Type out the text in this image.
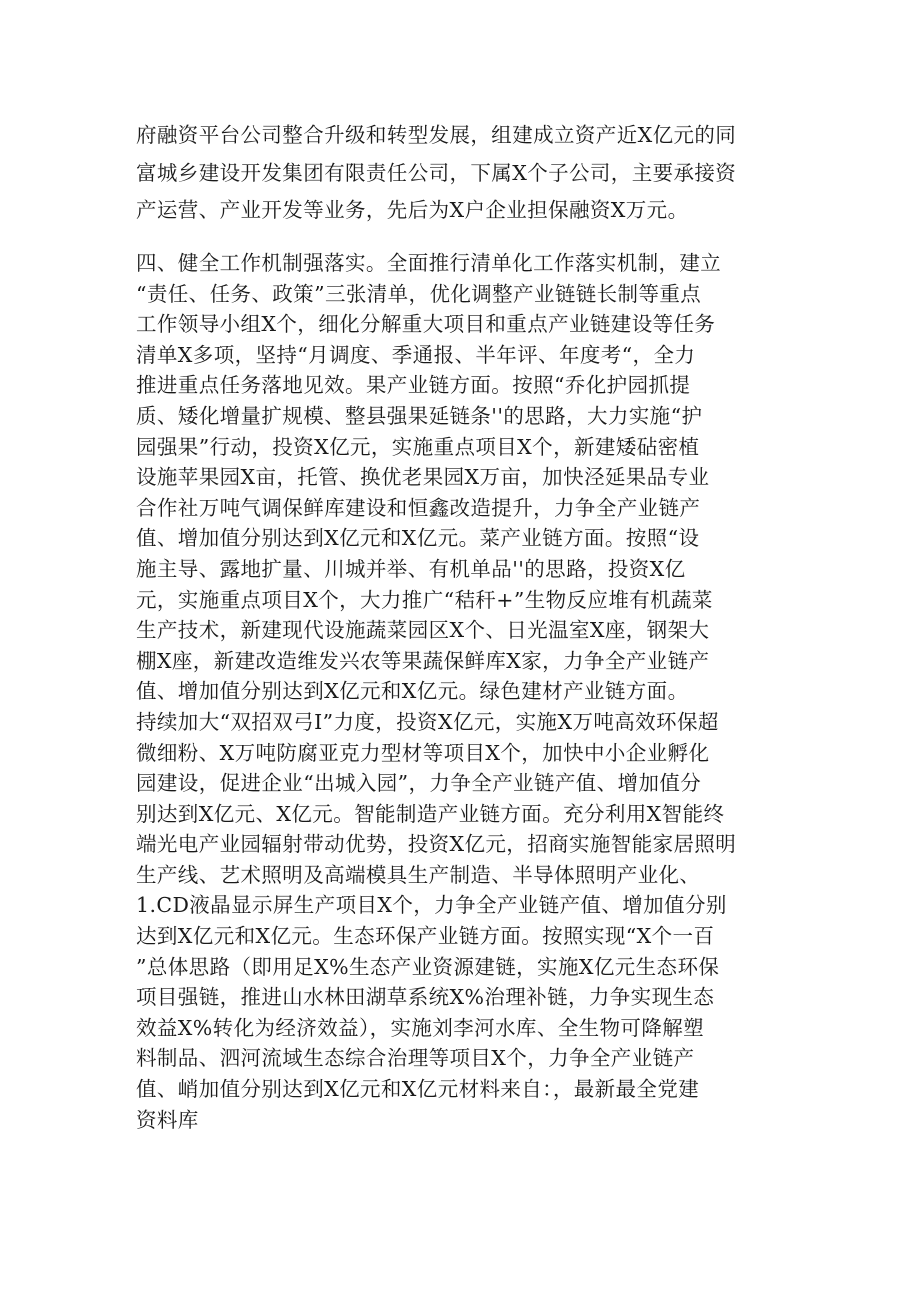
府融资平台公司整合升级和转型发展，组建成立资产近X亿元的同
富城乡建设开发集团有限责任公司，下属X个子公司，主要承接资
产运营、产业开发等业务，先后为X户企业担保融资X万元。
四、健全工作机制强落实。全面推行清单化工作落实机制，建立
“责任、任务、政策”三张清单，优化调整产业链链长制等重点
工作领导小组X个，细化分解重大项目和重点产业链建设等任务
清单X多项，坚持“月调度、季通报、半年评、年度考“，全力
推进重点任务落地见效。果产业链方面。按照“乔化护园抓提
质、矮化增量扩规模、整县强果延链条''的思路，大力实施“护
园强果”行动，投资X亿元，实施重点项目X个，新建矮砧密植
设施苹果园X亩，托管、换优老果园X万亩，加快泾延果品专业
合作社万吨气调保鲜库建设和恒鑫改造提升，力争全产业链产
值、增加值分别达到X亿元和X亿元。菜产业链方面。按照“设
施主导、露地扩量、川城并举、有机单品''的思路，投资X亿
元，实施重点项目X个，大力推广“秸秆+”生物反应堆有机蔬菜
生产技术，新建现代设施蔬菜园区X个、日光温室X座，钢架大
棚X座，新建改造维发兴农等果蔬保鲜库X家，力争全产业链产
值、增加值分别达到X亿元和X亿元。绿色建材产业链方面。
持续加大“双招双弓I”力度，投资X亿元，实施X万吨高效环保超
微细粉、X万吨防腐亚克力型材等项目X个，加快中小企业孵化
园建设，促进企业“出城入园”，力争全产业链产值、增加值分
别达到X亿元、X亿元。智能制造产业链方面。充分利用X智能终
端光电产业园辐射带动优势，投资X亿元，招商实施智能家居照明
生产线、艺术照明及高端模具生产制造、半导体照明产业化、
1.CD液晶显示屏生产项目X个，力争全产业链产值、增加值分别
达到X亿元和X亿元。生态环保产业链方面。按照实现“X个一百
”总体思路（即用足X%生态产业资源建链，实施X亿元生态环保
项目强链，推进山水林田湖草系统X%治理补链，力争实现生态
效益X%转化为经济效益），实施刘李河水库、全生物可降解塑
料制品、泗河流域生态综合治理等项目X个，力争全产业链产
值、峭加值分别达到X亿元和X亿元材料来自：，最新最全党建
资料库
